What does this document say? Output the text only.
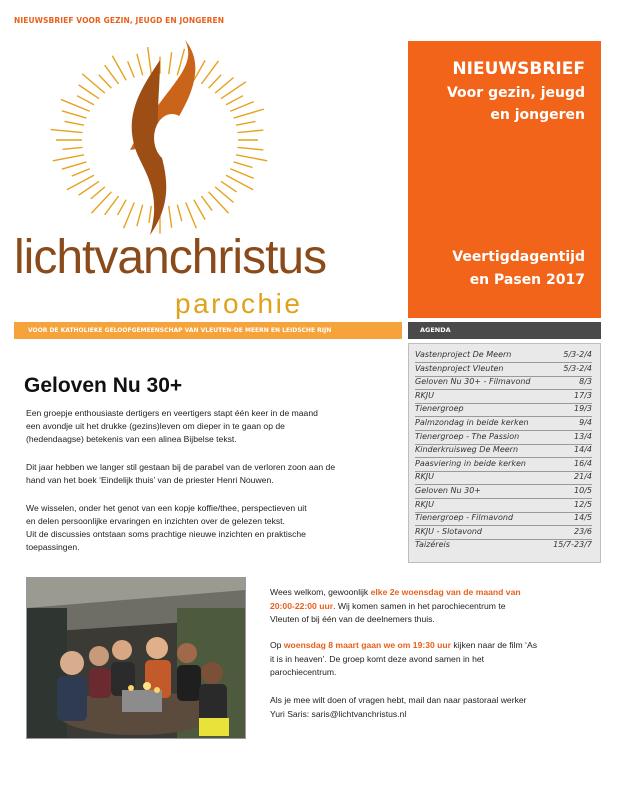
NIEUWSBRIEF VOOR GEZIN, JEUGD EN JONGEREN
lichtvanchristus
parochie
NIEUWSBRIEF
Voor gezin, jeugd
en jongeren
Veertigdagentijd
en Pasen 2017
VOOR DE KATHOLIEKE GELOOFGEMEENSCHAP VAN VLEUTEN-DE MEERN EN LEIDSCHE RIJN	AGENDA
Vastenproject De Meern	5/3-2/4
Vastenproject Vleuten	5/3-2/4
Geloven Nu 30+ - Filmavond	8/3
RKJU	17/3
Tienergroep	19/3
Palmzondag in beide kerken	9/4
Tienergroep - The Passion	13/4
Kinderkruisweg De Meern	14/4
Paasviering in beide kerken	16/4
RKJU	21/4
Geloven Nu 30+	10/5
RKJU	12/5
Tienergroep - Filmavond	14/5
RKJU - Slotavond	23/6
Taizéreis	15/7-23/7
Geloven Nu 30+
Een groepje enthousiaste dertigers en veertigers stapt één keer in de maand
een avondje uit het drukke (gezins)leven om dieper in te gaan op de
(hedendaagse) betekenis van een alinea Bijbelse tekst.
Dit jaar hebben we langer stil gestaan bij de parabel van de verloren zoon aan de
hand van het boek ‘Eindelijk thuis’ van de priester Henri Nouwen.
We wisselen, onder het genot van een kopje koffie/thee, perspectieven uit
en delen persoonlijke ervaringen en inzichten over de gelezen tekst.
Uit de discussies ontstaan soms prachtige nieuwe inzichten en praktische
toepassingen.
Wees welkom, gewoonlijk elke 2e woensdag van de maand van
20:00-22:00 uur. Wij komen samen in het parochiecentrum te
Vleuten of bij één van de deelnemers thuis.
Op woensdag 8 maart gaan we om 19:30 uur kijken naar de film ‘As
it is in heaven’. De groep komt deze avond samen in het
parochiecentrum.
Als je mee wilt doen of vragen hebt, mail dan naar pastoraal werker
Yuri Saris: saris@lichtvanchristus.nl
